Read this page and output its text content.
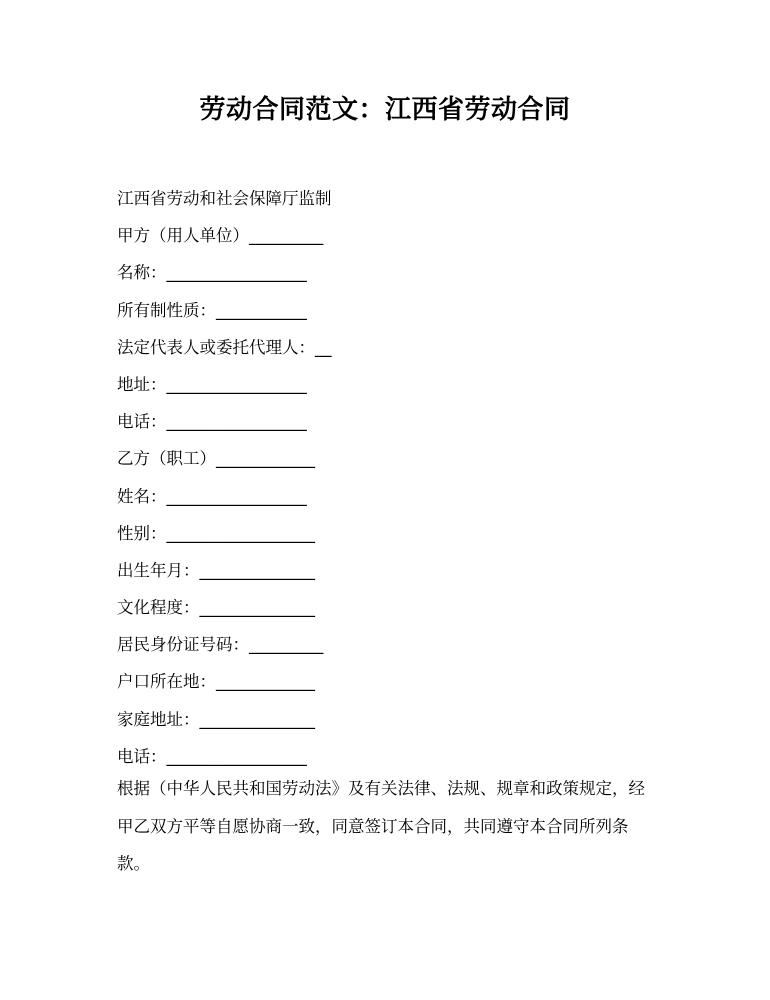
劳动合同范文：江西省劳动合同
江西省劳动和社会保障厅监制
甲方（用人单位）_________
名称：_________________
所有制性质：___________
法定代表人或委托代理人：__
地址：_________________
电话：_________________
乙方（职工）____________
姓名：_________________
性别：__________________
出生年月：______________
文化程度：______________
居民身份证号码：_________
户口所在地：____________
家庭地址：______________
电话：_________________
根据（中华人民共和国劳动法》及有关法律、法规、规章和政策规定，经甲乙双方平等自愿协商一致，同意签订本合同，共同遵守本合同所列条款。
